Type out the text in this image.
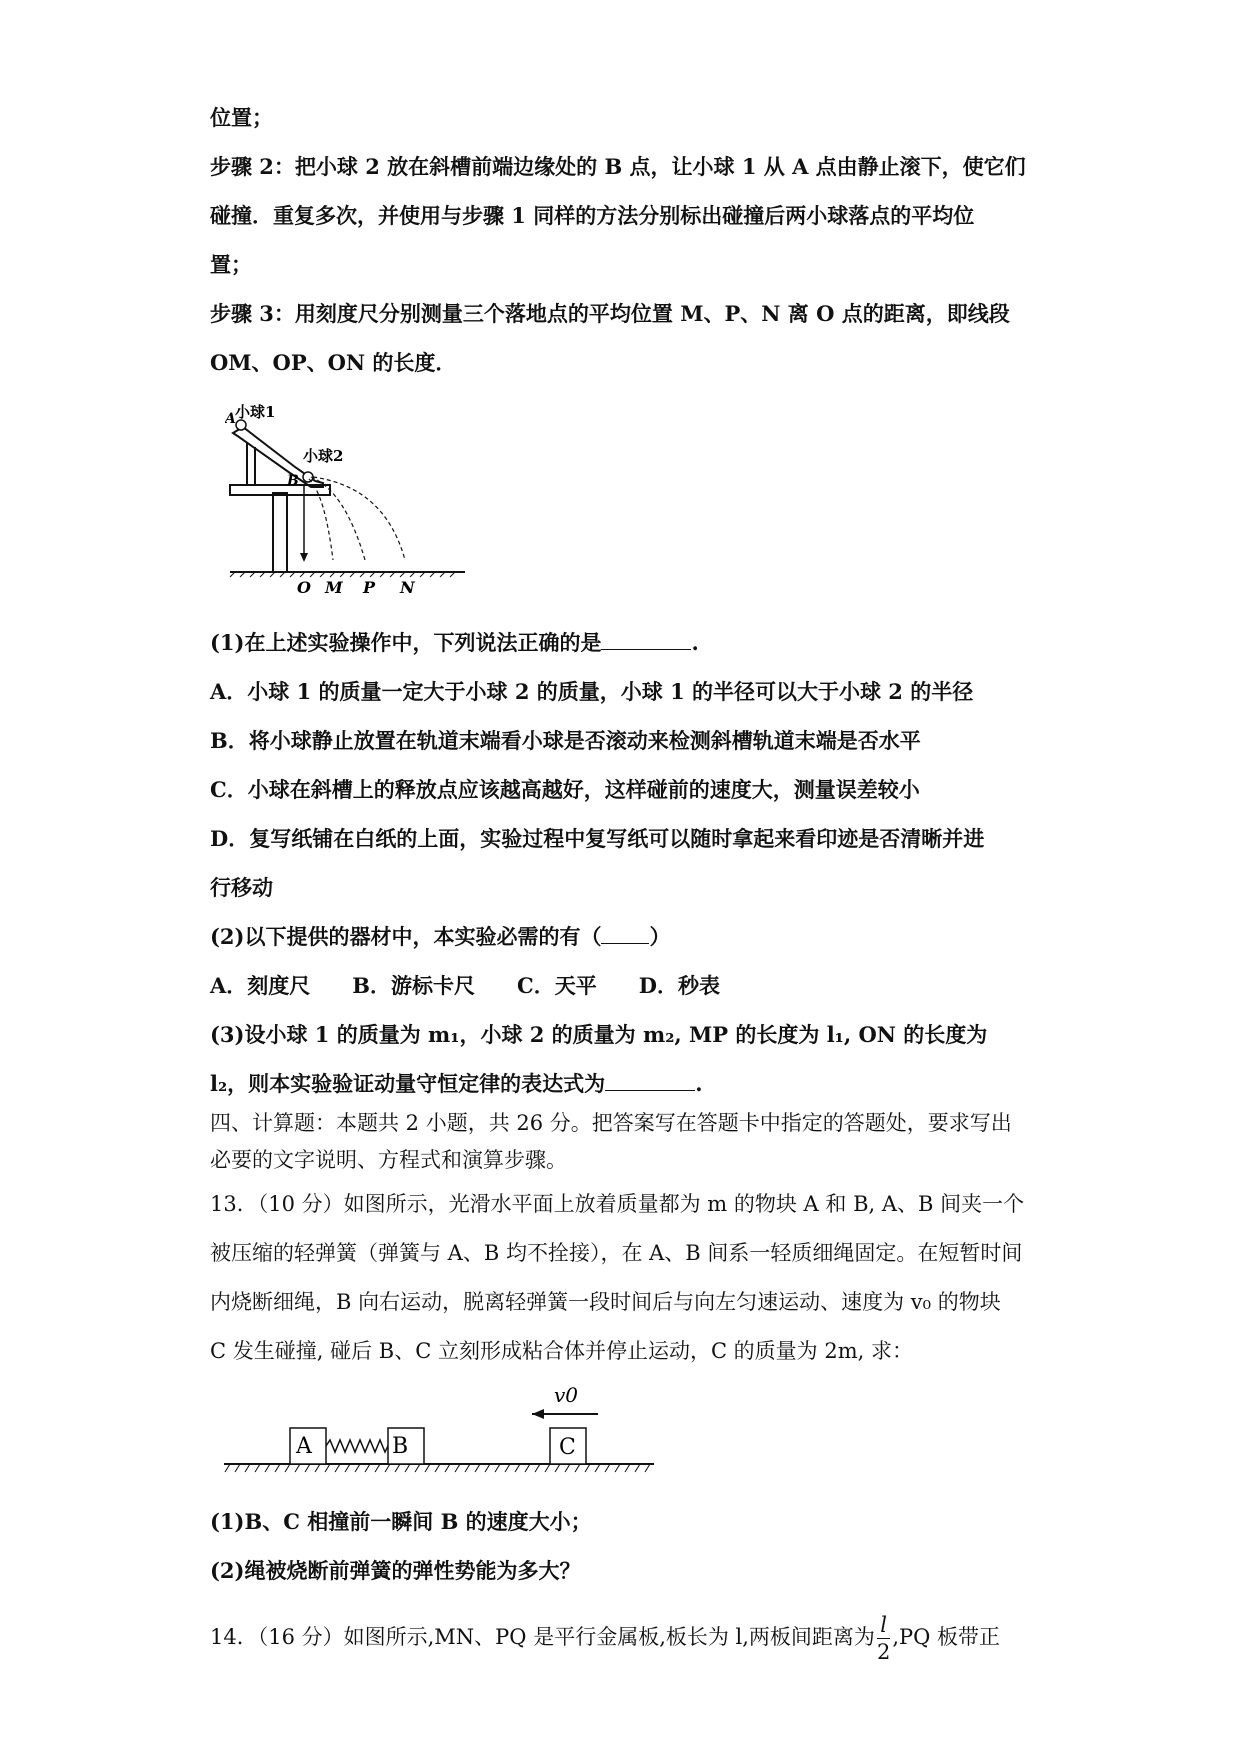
位置；
步骤 2：把小球 2 放在斜槽前端边缘处的 B 点，让小球 1 从 A 点由静止滚下，使它们
碰撞．重复多次，并使用与步骤 1 同样的方法分别标出碰撞后两小球落点的平均位
置；
步骤 3：用刻度尺分别测量三个落地点的平均位置 M、P、N 离 O 点的距离，即线段
OM、OP、ON 的长度．
A 小球1
B
小球2
O M P N
(1)在上述实验操作中，下列说法正确的是	.
A．小球 1 的质量一定大于小球 2 的质量，小球 1 的半径可以大于小球 2 的半径
B．将小球静止放置在轨道末端看小球是否滚动来检测斜槽轨道末端是否水平
C．小球在斜槽上的释放点应该越高越好，这样碰前的速度大，测量误差较小
D．复写纸铺在白纸的上面，实验过程中复写纸可以随时拿起来看印迹是否清晰并进
行移动
(2)以下提供的器材中，本实验必需的有（ ）
A．刻度尺　　B．游标卡尺　　C．天平　　D．秒表
(3)设小球 1 的质量为 m₁，小球 2 的质量为 m₂, MP 的长度为 l₁, ON 的长度为
l₂，则本实验验证动量守恒定律的表达式为	.
四、计算题：本题共 2 小题，共 26 分。把答案写在答题卡中指定的答题处，要求写出
必要的文字说明、方程式和演算步骤。
13．（10 分）如图所示，光滑水平面上放着质量都为 m 的物块 A 和 B, A、B 间夹一个
被压缩的轻弹簧（弹簧与 A、B 均不拴接），在 A、B 间系一轻质细绳固定。在短暂时间
内烧断细绳，B 向右运动，脱离轻弹簧一段时间后与向左匀速运动、速度为 v₀ 的物块
C 发生碰撞, 碰后 B、C 立刻形成粘合体并停止运动，C 的质量为 2m, 求：
v0
A	B	C
(1)B、C 相撞前一瞬间 B 的速度大小；
(2)绳被烧断前弹簧的弹性势能为多大？
14．（16 分）如图所示,MN、PQ 是平行金属板,板长为 l,两板间距离为 $\frac{l}{2} ,PQ$ 板带正
